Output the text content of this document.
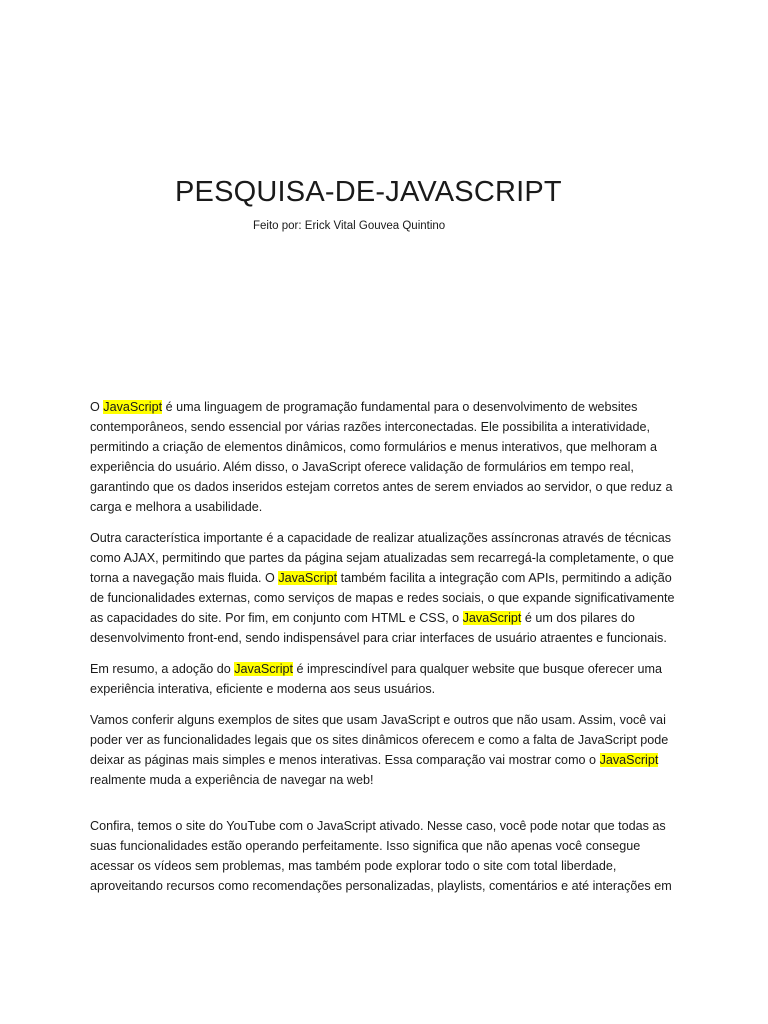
PESQUISA-DE-JAVASCRIPT

Feito por: Erick Vital Gouvea Quintino

O JavaScript é uma linguagem de programação fundamental para o desenvolvimento de websites
contemporâneos, sendo essencial por várias razões interconectadas. Ele possibilita a interatividade,
permitindo a criação de elementos dinâmicos, como formulários e menus interativos, que melhoram a
experiência do usuário. Além disso, o JavaScript oferece validação de formulários em tempo real,
garantindo que os dados inseridos estejam corretos antes de serem enviados ao servidor, o que reduz a
carga e melhora a usabilidade.

Outra característica importante é a capacidade de realizar atualizações assíncronas através de técnicas
como AJAX, permitindo que partes da página sejam atualizadas sem recarregá-la completamente, o que
torna a navegação mais fluida. O JavaScript também facilita a integração com APIs, permitindo a adição
de funcionalidades externas, como serviços de mapas e redes sociais, o que expande significativamente
as capacidades do site. Por fim, em conjunto com HTML e CSS, o JavaScript é um dos pilares do
desenvolvimento front-end, sendo indispensável para criar interfaces de usuário atraentes e funcionais.

Em resumo, a adoção do JavaScript é imprescindível para qualquer website que busque oferecer uma
experiência interativa, eficiente e moderna aos seus usuários.

Vamos conferir alguns exemplos de sites que usam JavaScript e outros que não usam. Assim, você vai
poder ver as funcionalidades legais que os sites dinâmicos oferecem e como a falta de JavaScript pode
deixar as páginas mais simples e menos interativas. Essa comparação vai mostrar como o JavaScript
realmente muda a experiência de navegar na web!

Confira, temos o site do YouTube com o JavaScript ativado. Nesse caso, você pode notar que todas as
suas funcionalidades estão operando perfeitamente. Isso significa que não apenas você consegue
acessar os vídeos sem problemas, mas também pode explorar todo o site com total liberdade,
aproveitando recursos como recomendações personalizadas, playlists, comentários e até interações em
